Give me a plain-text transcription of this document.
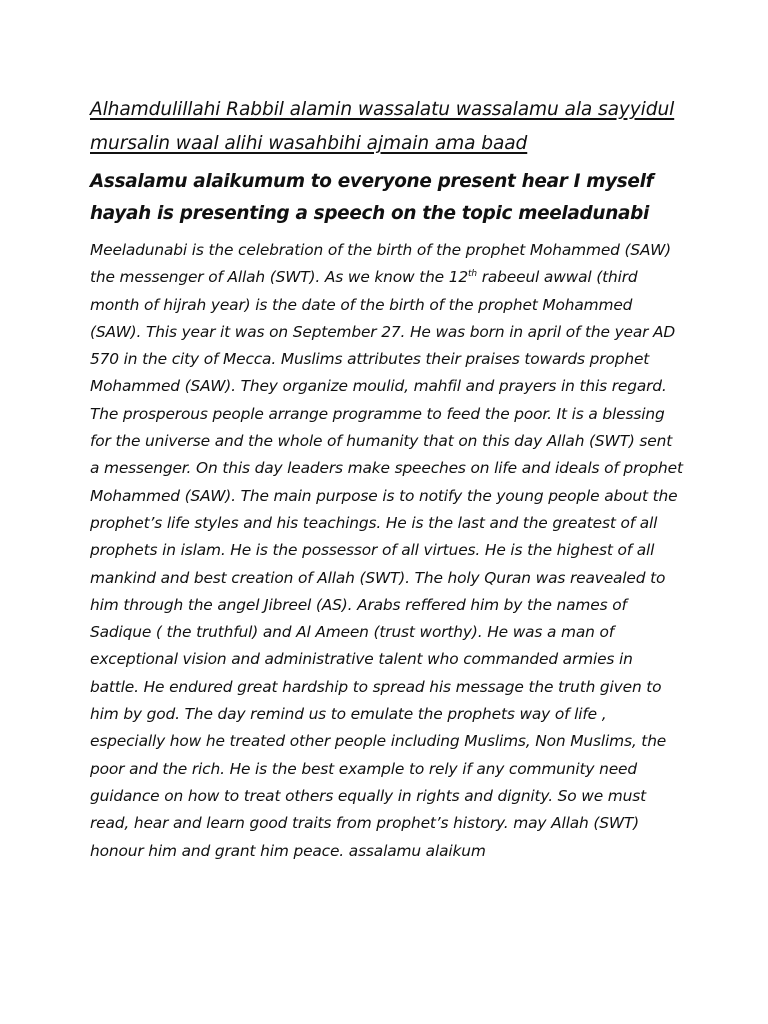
Alhamdulillahi Rabbil alamin wassalatu wassalamu ala sayyidul mursalin waal alihi wasahbihi ajmain ama baad

Assalamu alaikumum to everyone present hear I myself hayah is presenting a speech on the topic meeladunabi

Meeladunabi is the celebration of the birth of the prophet Mohammed (SAW) the messenger of Allah (SWT). As we know the 12th rabeeul awwal (third month of hijrah year) is the date of the birth of the prophet Mohammed (SAW). This year it was on September 27. He was born in april of the year AD 570 in the city of Mecca. Muslims attributes their praises towards prophet Mohammed (SAW). They organize moulid, mahfil and prayers in this regard. The prosperous people arrange programme to feed the poor. It is a blessing for the universe and the whole of humanity that on this day Allah (SWT) sent a messenger. On this day leaders make speeches on life and ideals of prophet Mohammed (SAW). The main purpose is to notify the young people about the prophet’s life styles and his teachings. He is the last and the greatest of all prophets in islam. He is the possessor of all virtues. He is the highest of all mankind and best creation of Allah (SWT). The holy Quran was reavealed to him through the angel Jibreel (AS). Arabs reffered him by the names of Sadique ( the truthful) and Al Ameen (trust worthy). He was a man of exceptional vision and administrative talent who commanded armies in battle. He endured great hardship to spread his message the truth given to him by god. The day remind us to emulate the prophets way of life , especially how he treated other people including Muslims, Non Muslims, the poor and the rich. He is the best example to rely if any community need guidance on how to treat others equally in rights and dignity. So we must read, hear and learn good traits from prophet’s history. may Allah (SWT) honour him and grant him peace. assalamu alaikum
